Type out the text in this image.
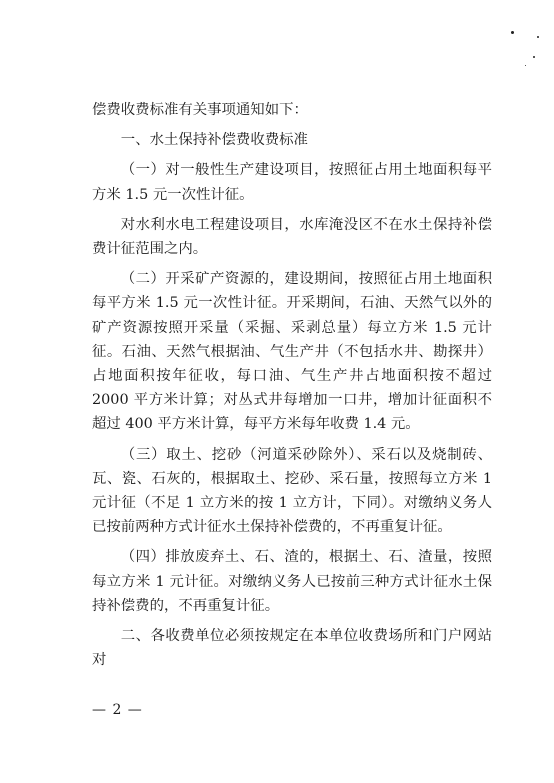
偿费收费标准有关事项通知如下：

一、水土保持补偿费收费标准

（一）对一般性生产建设项目，按照征占用土地面积每平方米 1.5 元一次性计征。

对水利水电工程建设项目，水库淹没区不在水土保持补偿费计征范围之内。

（二）开采矿产资源的，建设期间，按照征占用土地面积每平方米 1.5 元一次性计征。开采期间，石油、天然气以外的矿产资源按照开采量（采掘、采剥总量）每立方米 1.5 元计征。石油、天然气根据油、气生产井（不包括水井、勘探井）占地面积按年征收，每口油、气生产井占地面积按不超过 2000 平方米计算；对丛式井每增加一口井，增加计征面积不超过 400 平方米计算，每平方米每年收费 1.4 元。

（三）取土、挖砂（河道采砂除外）、采石以及烧制砖、瓦、瓷、石灰的，根据取土、挖砂、采石量，按照每立方米 1 元计征（不足 1 立方米的按 1 立方计，下同）。对缴纳义务人已按前两种方式计征水土保持补偿费的，不再重复计征。

（四）排放废弃土、石、渣的，根据土、石、渣量，按照每立方米 1 元计征。对缴纳义务人已按前三种方式计征水土保持补偿费的，不再重复计征。

二、各收费单位必须按规定在本单位收费场所和门户网站对

— 2 —
